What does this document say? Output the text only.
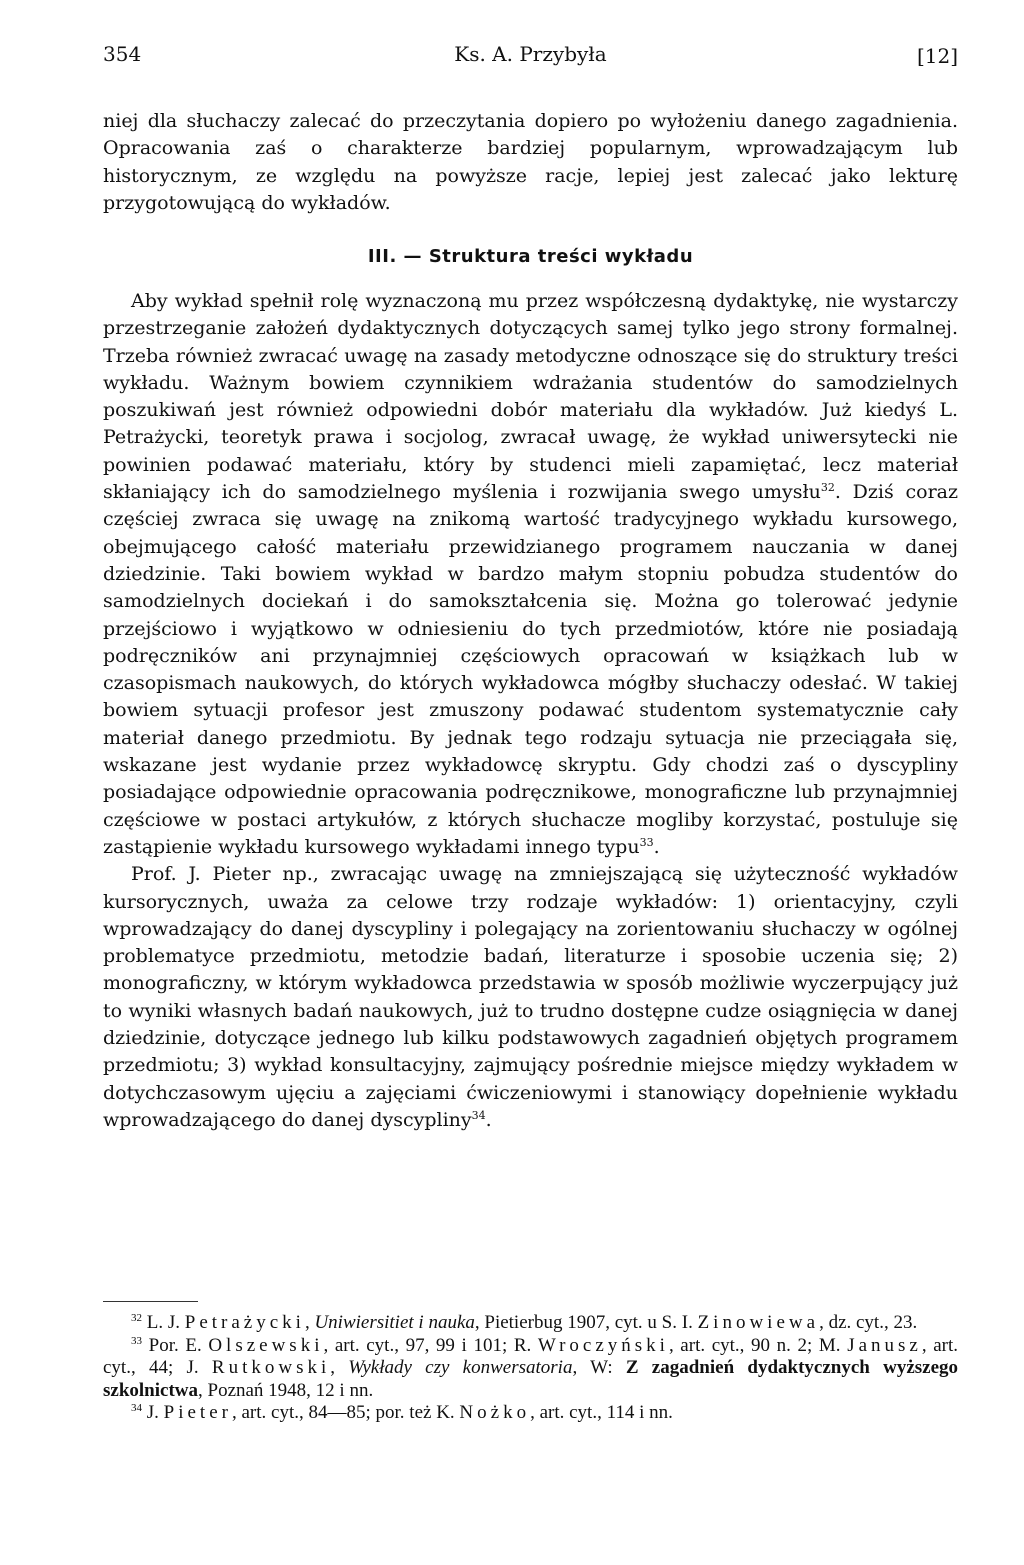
354	Ks. A. Przybyła	[12]

niej dla słuchaczy zalecać do przeczytania dopiero po wyłożeniu danego zagadnienia. Opracowania zaś o charakterze bardziej popularnym, wprowadzającym lub historycznym, ze względu na powyższe racje, lepiej jest zalecać jako lekturę przygotowującą do wykładów.

III. — Struktura treści wykładu

Aby wykład spełnił rolę wyznaczoną mu przez współczesną dydaktykę, nie wystarczy przestrzeganie założeń dydaktycznych dotyczących samej tylko jego strony formalnej. Trzeba również zwracać uwagę na zasady metodyczne odnoszące się do struktury treści wykładu. Ważnym bowiem czynnikiem wdrażania studentów do samodzielnych poszukiwań jest również odpowiedni dobór materiału dla wykładów. Już kiedyś L. Petrażycki, teoretyk prawa i socjolog, zwracał uwagę, że wykład uniwersytecki nie powinien podawać materiału, który by studenci mieli zapamiętać, lecz materiał skłaniający ich do samodzielnego myślenia i rozwijania swego umysłu$^{32}$. Dziś coraz częściej zwraca się uwagę na znikomą wartość tradycyjnego wykładu kursowego, obejmującego całość materiału przewidzianego programem nauczania w danej dziedzinie. Taki bowiem wykład w bardzo małym stopniu pobudza studentów do samodzielnych dociekań i do samokształcenia się. Można go tolerować jedynie przejściowo i wyjątkowo w odniesieniu do tych przedmiotów, które nie posiadają podręczników ani przynajmniej częściowych opracowań w książkach lub w czasopismach naukowych, do których wykładowca mógłby słuchaczy odesłać. W takiej bowiem sytuacji profesor jest zmuszony podawać studentom systematycznie cały materiał danego przedmiotu. By jednak tego rodzaju sytuacja nie przeciągała się, wskazane jest wydanie przez wykładowcę skryptu. Gdy chodzi zaś o dyscypliny posiadające odpowiednie opracowania podręcznikowe, monograficzne lub przynajmniej częściowe w postaci artykułów, z których słuchacze mogliby korzystać, postuluje się zastąpienie wykładu kursowego wykładami innego typu$^{33}$.

Prof. J. Pieter np., zwracając uwagę na zmniejszającą się użyteczność wykładów kursorycznych, uważa za celowe trzy rodzaje wykładów: 1) orientacyjny, czyli wprowadzający do danej dyscypliny i polegający na zorientowaniu słuchaczy w ogólnej problematyce przedmiotu, metodzie badań, literaturze i sposobie uczenia się; 2) monograficzny, w którym wykładowca przedstawia w sposób możliwie wyczerpujący już to wyniki własnych badań naukowych, już to trudno dostępne cudze osiągnięcia w danej dziedzinie, dotyczące jednego lub kilku podstawowych zagadnień objętych programem przedmiotu; 3) wykład konsultacyjny, zajmujący pośrednie miejsce między wykładem w dotychczasowym ujęciu a zajęciami ćwiczeniowymi i stanowiący dopełnienie wykładu wprowadzającego do danej dyscypliny$^{34}$.

$^{32}$ L. J. Petrażycki, Uniwiersitiet i nauka, Pietierbug 1907, cyt. u S. I. Zinowiewa, dz. cyt., 23.

$^{33}$ Por. E. Olszewski, art. cyt., 97, 99 i 101; R. Wroczyński, art. cyt., 90 n. 2; M. Janusz, art. cyt., 44; J. Rutkowski, Wykłady czy konwersatoria, W: Z zagadnień dydaktycznych wyższego szkolnictwa, Poznań 1948, 12 i nn.

$^{34}$ J. Pieter, art. cyt., 84—85; por. też K. Nożko, art. cyt., 114 i nn.
